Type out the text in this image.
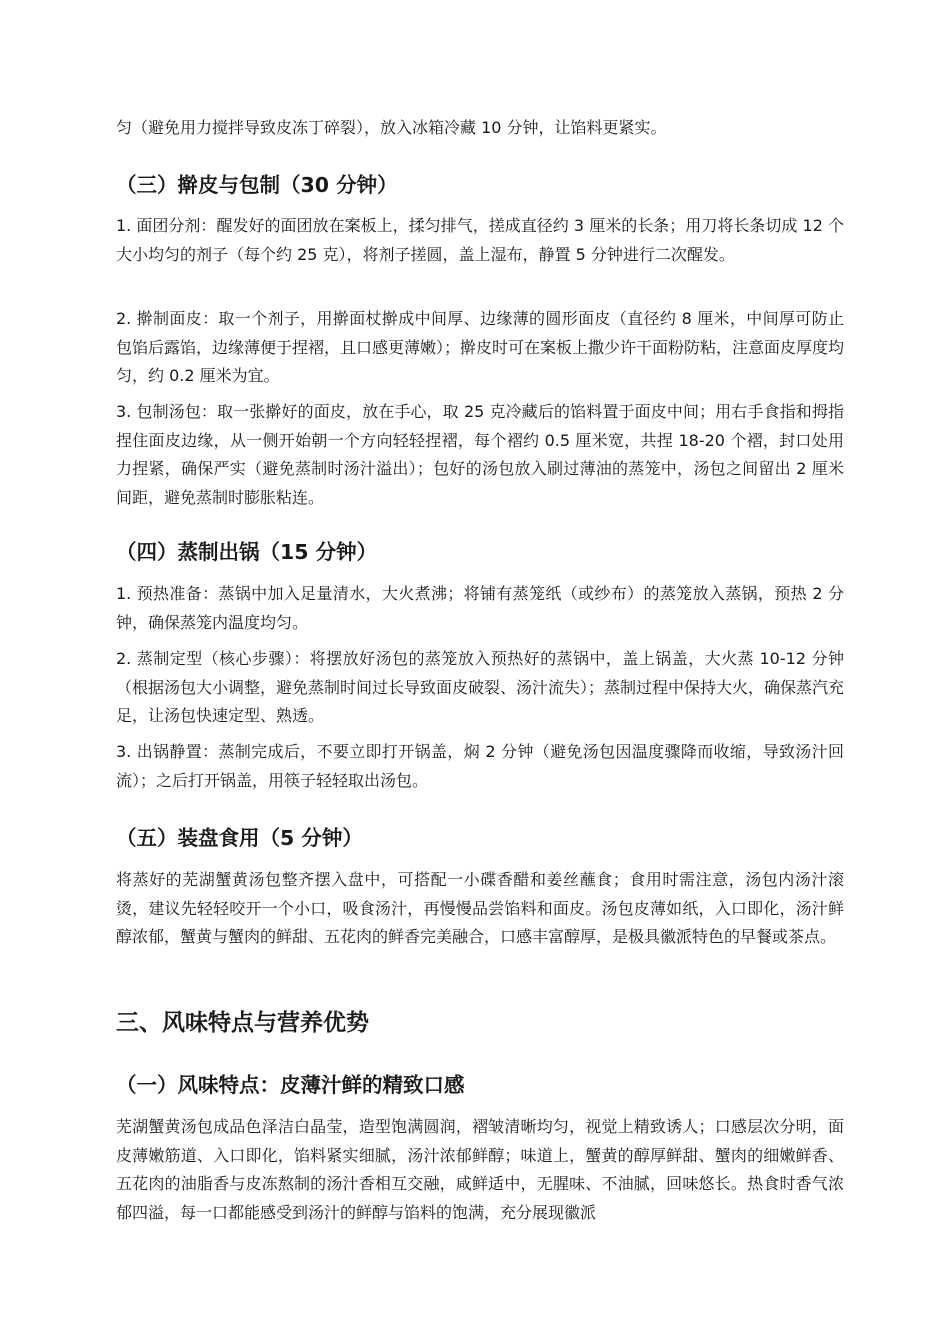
匀（避免用力搅拌导致皮冻丁碎裂），放入冰箱冷藏 10 分钟，让馅料更紧实。

（三）擀皮与包制（30 分钟）

1. 面团分剂：醒发好的面团放在案板上，揉匀排气，搓成直径约 3 厘米的长条；用刀将长条切成 12 个大小均匀的剂子（每个约 25 克），将剂子搓圆，盖上湿布，静置 5 分钟进行二次醒发。

2. 擀制面皮：取一个剂子，用擀面杖擀成中间厚、边缘薄的圆形面皮（直径约 8 厘米，中间厚可防止包馅后露馅，边缘薄便于捏褶，且口感更薄嫩）；擀皮时可在案板上撒少许干面粉防粘，注意面皮厚度均匀，约 0.2 厘米为宜。

3. 包制汤包：取一张擀好的面皮，放在手心，取 25 克冷藏后的馅料置于面皮中间；用右手食指和拇指捏住面皮边缘，从一侧开始朝一个方向轻轻捏褶，每个褶约 0.5 厘米宽，共捏 18-20 个褶，封口处用力捏紧，确保严实（避免蒸制时汤汁溢出）；包好的汤包放入刷过薄油的蒸笼中，汤包之间留出 2 厘米间距，避免蒸制时膨胀粘连。

（四）蒸制出锅（15 分钟）

1. 预热准备：蒸锅中加入足量清水，大火煮沸；将铺有蒸笼纸（或纱布）的蒸笼放入蒸锅，预热 2 分钟，确保蒸笼内温度均匀。

2. 蒸制定型（核心步骤）：将摆放好汤包的蒸笼放入预热好的蒸锅中，盖上锅盖，大火蒸 10-12 分钟（根据汤包大小调整，避免蒸制时间过长导致面皮破裂、汤汁流失）；蒸制过程中保持大火，确保蒸汽充足，让汤包快速定型、熟透。

3. 出锅静置：蒸制完成后，不要立即打开锅盖，焖 2 分钟（避免汤包因温度骤降而收缩，导致汤汁回流）；之后打开锅盖，用筷子轻轻取出汤包。

（五）装盘食用（5 分钟）

将蒸好的芜湖蟹黄汤包整齐摆入盘中，可搭配一小碟香醋和姜丝蘸食；食用时需注意，汤包内汤汁滚烫，建议先轻轻咬开一个小口，吸食汤汁，再慢慢品尝馅料和面皮。汤包皮薄如纸，入口即化，汤汁鲜醇浓郁，蟹黄与蟹肉的鲜甜、五花肉的鲜香完美融合，口感丰富醇厚，是极具徽派特色的早餐或茶点。

三、风味特点与营养优势
（一）风味特点：皮薄汁鲜的精致口感

芜湖蟹黄汤包成品色泽洁白晶莹，造型饱满圆润，褶皱清晰均匀，视觉上精致诱人；口感层次分明，面皮薄嫩筋道、入口即化，馅料紧实细腻，汤汁浓郁鲜醇；味道上，蟹黄的醇厚鲜甜、蟹肉的细嫩鲜香、五花肉的油脂香与皮冻熬制的汤汁香相互交融，咸鲜适中，无腥味、不油腻，回味悠长。热食时香气浓郁四溢，每一口都能感受到汤汁的鲜醇与馅料的饱满，充分展现徽派
